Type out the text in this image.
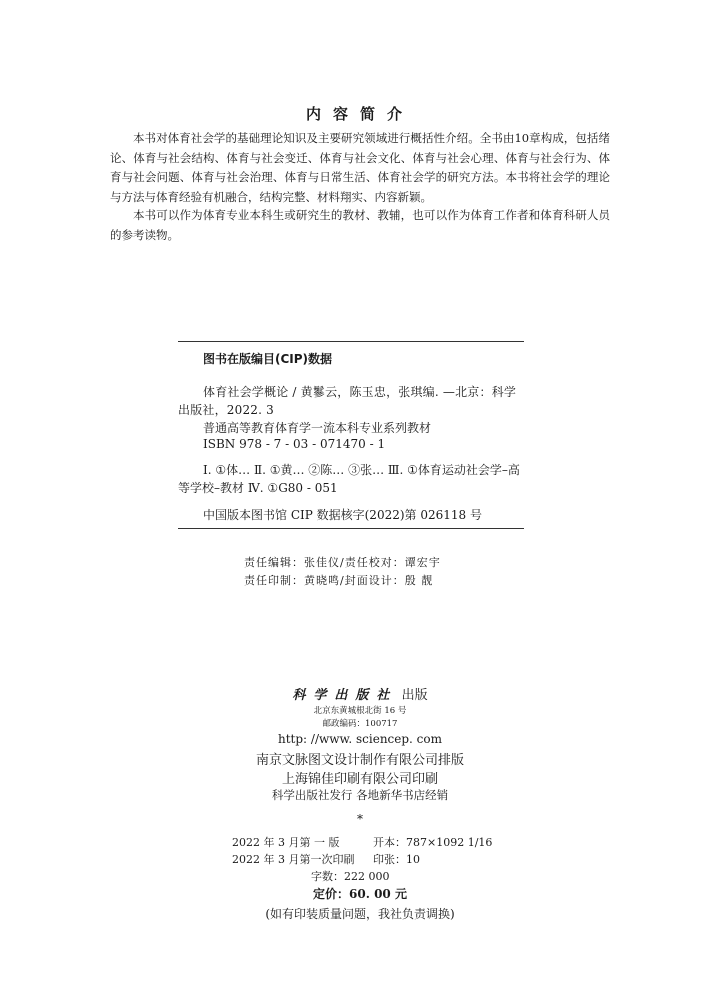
内容简介
本书对体育社会学的基础理论知识及主要研究领域进行概括性介绍。全书由10章构成，包括绪论、体育与社会结构、体育与社会变迁、体育与社会文化、体育与社会心理、体育与社会行为、体育与社会问题、体育与社会治理、体育与日常生活、体育社会学的研究方法。本书将社会学的理论与方法与体育经验有机融合，结构完整、材料翔实、内容新颖。
本书可以作为体育专业本科生或研究生的教材、教辅，也可以作为体育工作者和体育科研人员的参考读物。
图书在版编目(CIP)数据
体育社会学概论 / 黄鬖云，陈玉忠，张琪编. —北京：科学出版社，2022. 3
普通高等教育体育学一流本科专业系列教材
ISBN 978 - 7 - 03 - 071470 - 1
Ⅰ. ①体… Ⅱ. ①黄… ②陈… ③张… Ⅲ. ①体育运动社会学–高等学校–教材 Ⅳ. ①G80 - 051
中国版本图书馆 CIP 数据核字(2022)第 026118 号
责任编辑：张佳仪/责任校对：谭宏宇
责任印制：黄晓鸣/封面设计：殷 靓
科学出版社 出版
北京东黄城根北街 16 号
邮政编码：100717
http: //www. sciencep. com
南京文脉图文设计制作有限公司排版
上海锦佳印刷有限公司印刷
科学出版社发行 各地新华书店经销
*
2022 年 3 月第 一 版	开本：787×1092 1/16
2022 年 3 月第一次印刷 印张：10
字数：222 000
定价：60. 00 元
(如有印装质量问题，我社负责调换)
